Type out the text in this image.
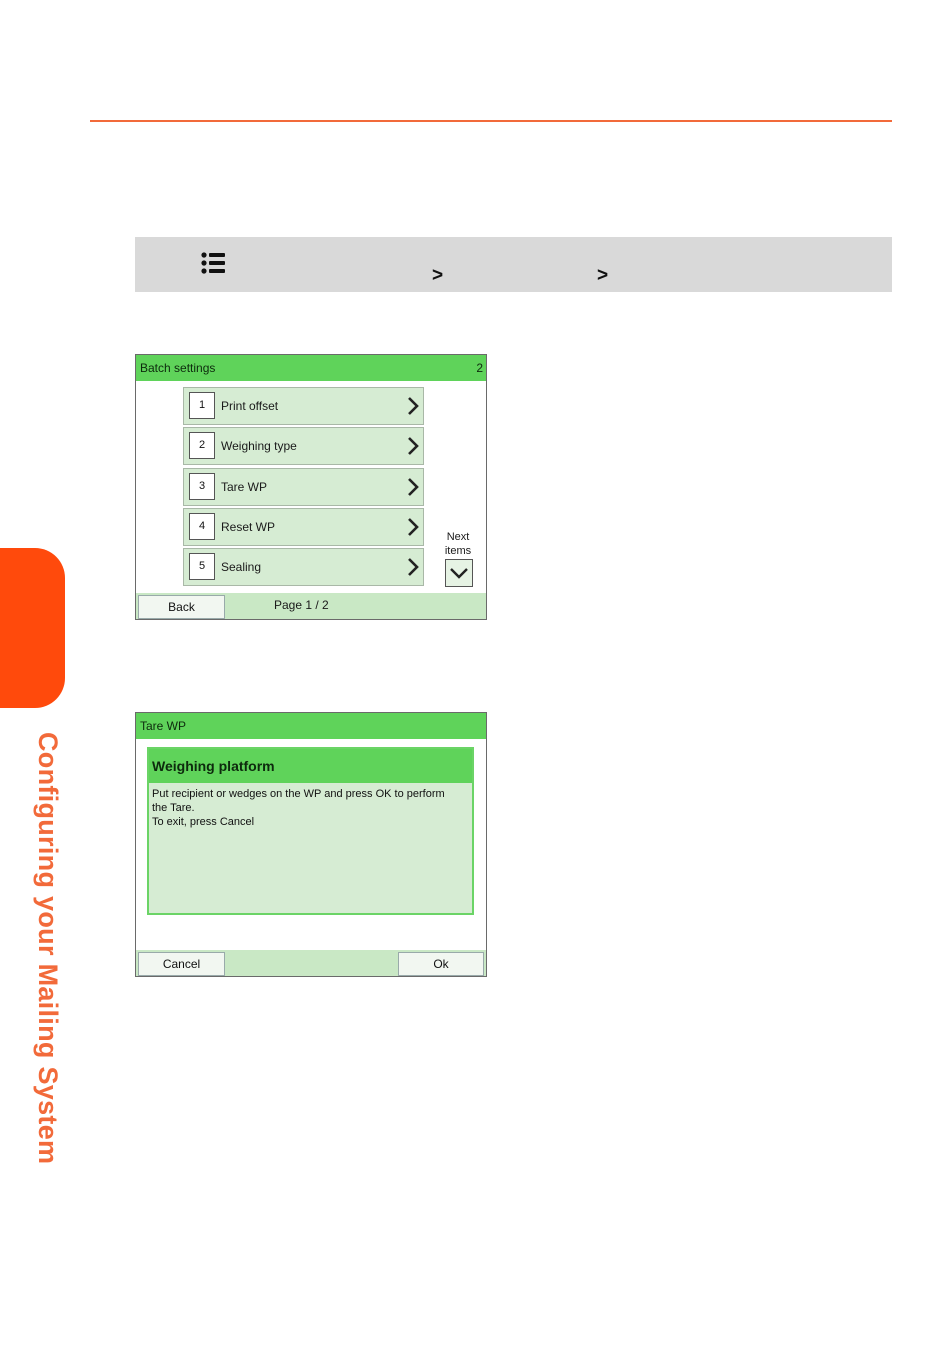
>	>
Batch settings	2
1	Print offset
2	Weighing type
3	Tare WP
4	Reset WP
5	Sealing
Next
items
Back	Page 1 / 2
Tare WP
Weighing platform
Put recipient or wedges on the WP and press OK to perform
the Tare.
To exit, press Cancel
Cancel	Ok
Configuring your Mailing System
